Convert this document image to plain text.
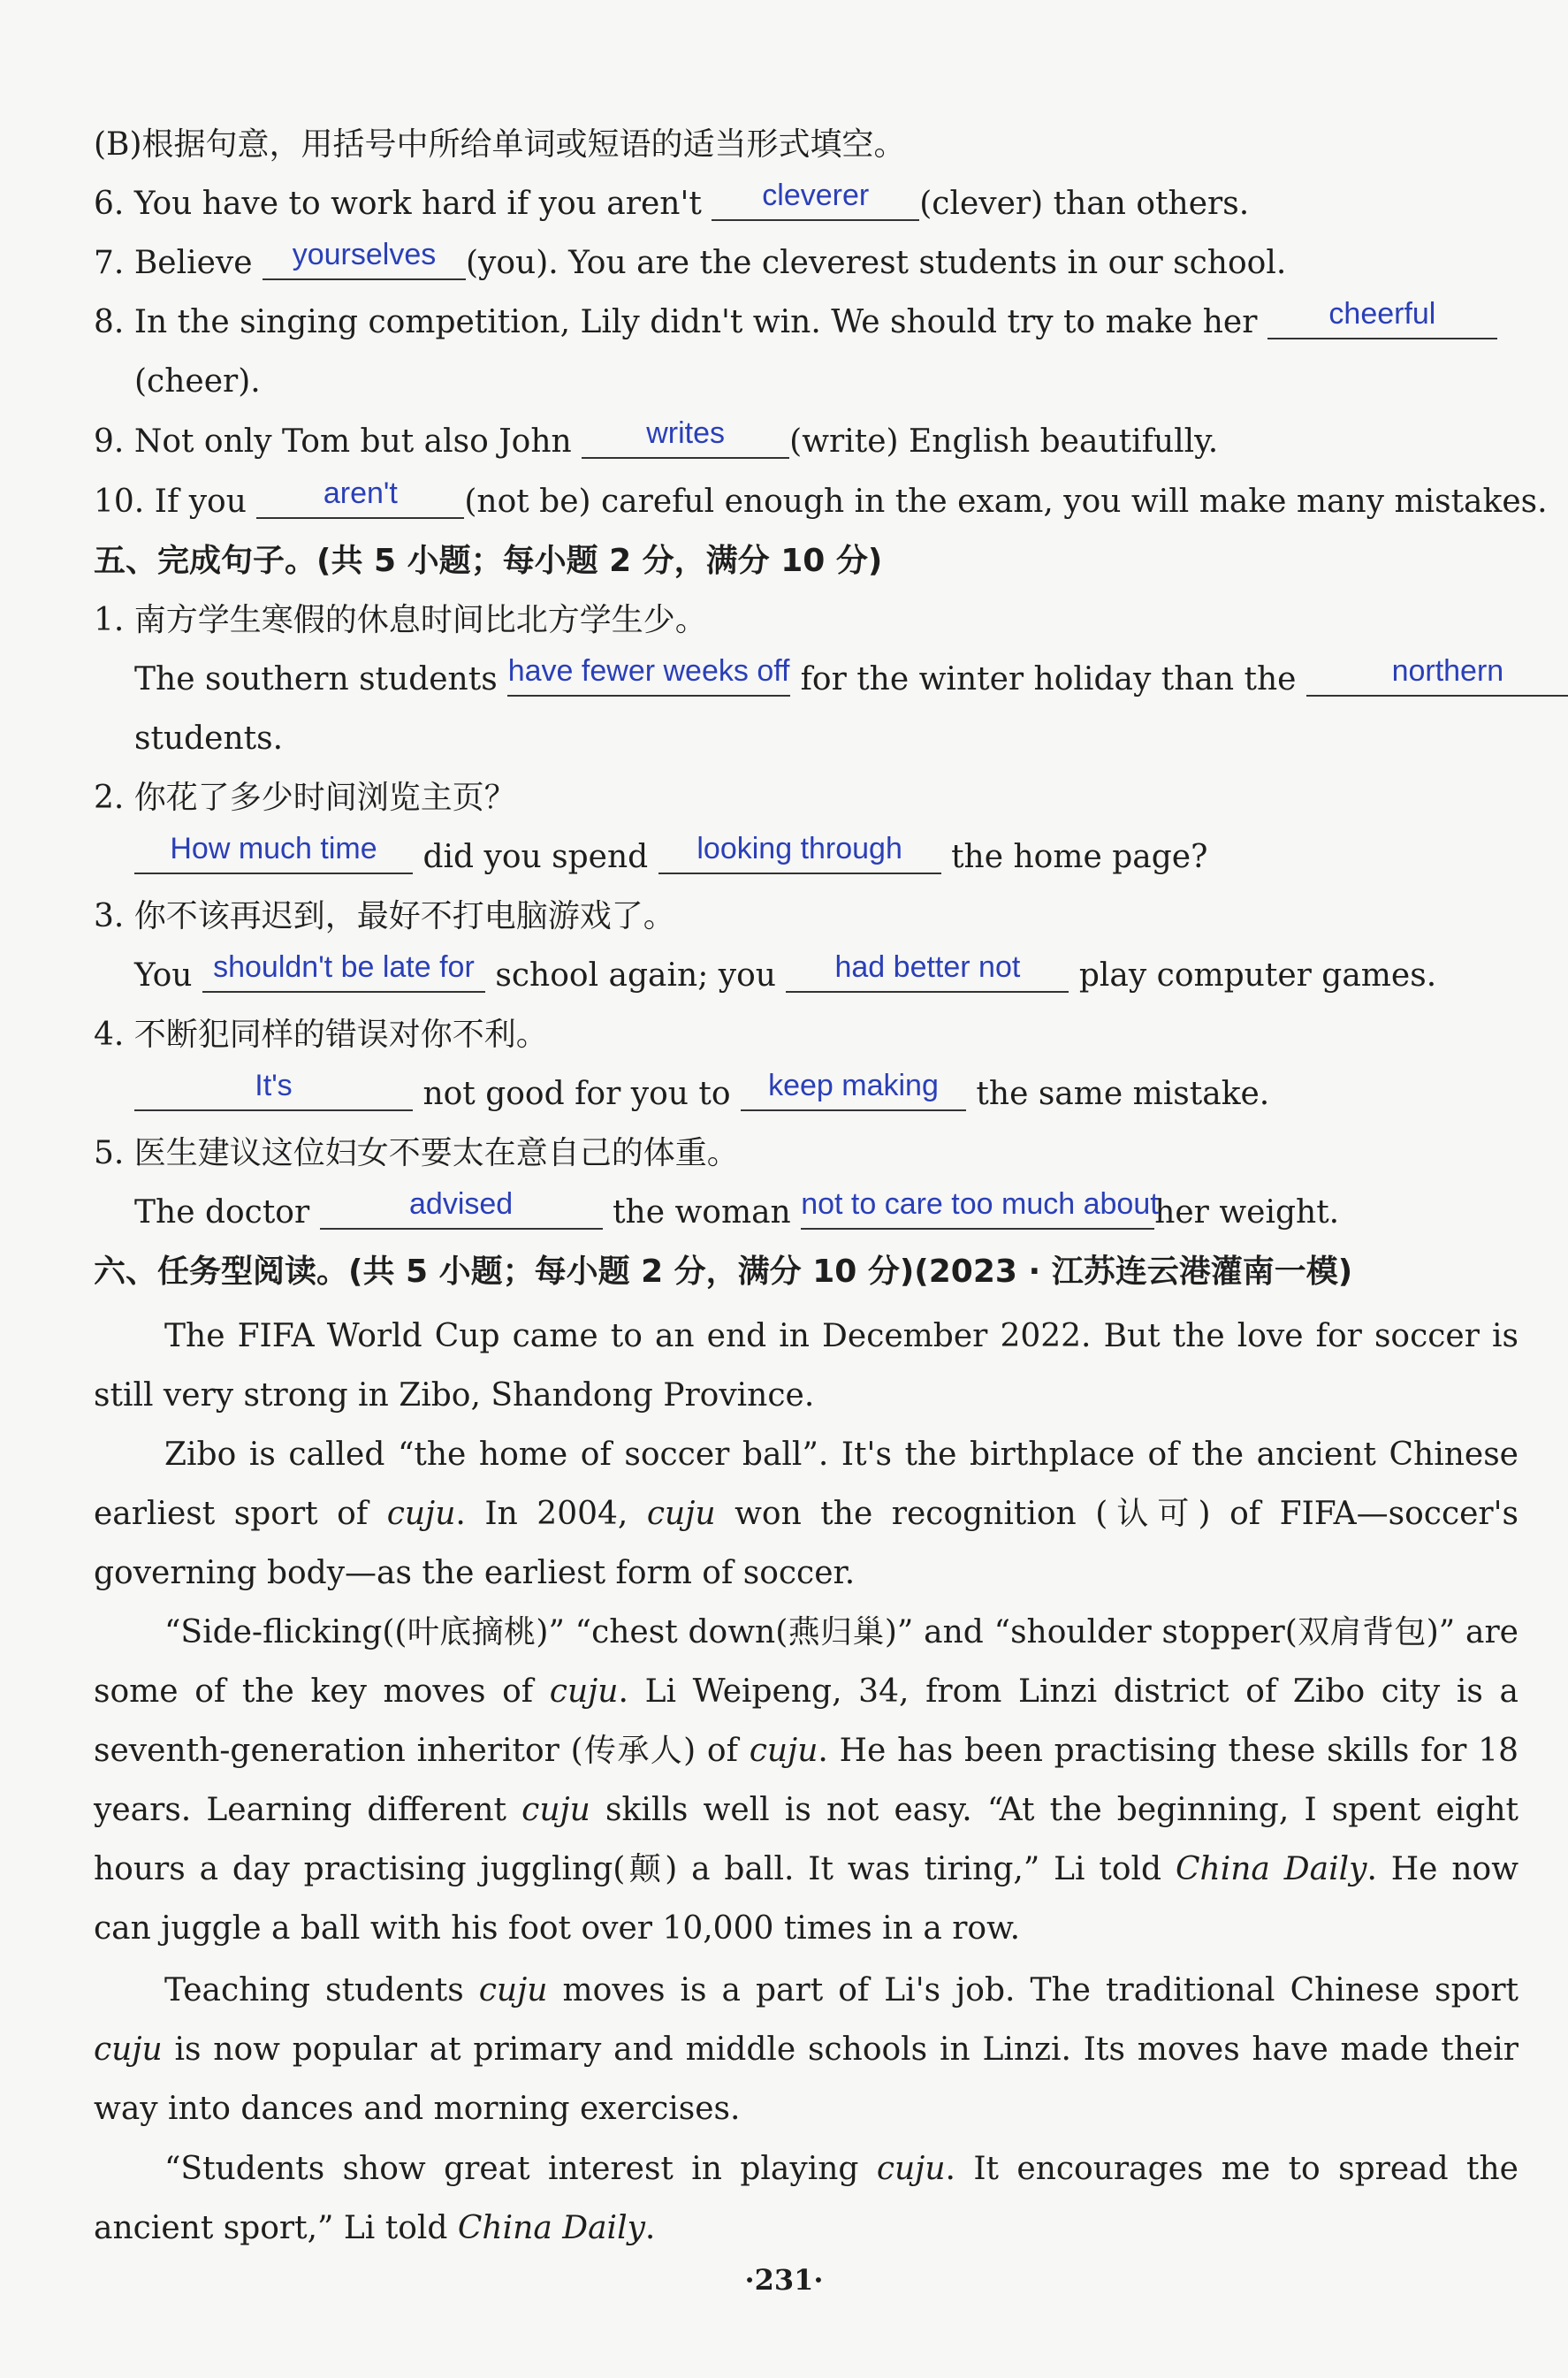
(B)根据句意，用括号中所给单词或短语的适当形式填空。
6. You have to work hard if you aren't	cleverer	(clever) than others.
7. Believe yourselves (you). You are the cleverest students in our school.
8. In the singing competition, Lily didn't win. We should try to make her	cheerful
(cheer).
9. Not only Tom but also John	writes	(write) English beautifully.
10. If you	aren't	(not be) careful enough in the exam, you will make many mistakes.
五、完成句子。(共 5 小题；每小题 2 分，满分 10 分)
1. 南方学生寒假的休息时间比北方学生少。
The southern students have fewer weeks off for the winter holiday than the	northern
students.
2. 你花了多少时间浏览主页？
How much time	did you spend	looking through	the home page?
3. 你不该再迟到，最好不打电脑游戏了。
You shouldn't be late for school again; you	had better not	play computer games.
4. 不断犯同样的错误对你不利。
It's	not good for you to keep making the same mistake.
5. 医生建议这位妇女不要太在意自己的体重。
The doctor	advised	the woman not to care too much about
her weight.
六、任务型阅读。(共 5 小题；每小题 2 分，满分 10 分)(2023 · 江苏连云港灌南一模)
The FIFA World Cup came to an end in December 2022. But the love for soccer is still very strong in Zibo, Shandong Province.
Zibo is called “the home of soccer ball”. It's the birthplace of the ancient Chinese earliest sport of cuju. In 2004, cuju won the recognition (认可) of FIFA—soccer's governing body—as the earliest form of soccer.
“Side-flicking((叶底摘桃)” “chest down(燕归巢)” and “shoulder stopper(双肩背包)” are some of the key moves of cuju. Li Weipeng, 34, from Linzi district of Zibo city is a seventh-generation inheritor (传承人) of cuju. He has been practising these skills for 18 years. Learning different cuju skills well is not easy. “At the beginning, I spent eight hours a day practising juggling(颠) a ball. It was tiring,” Li told China Daily. He now can juggle a ball with his foot over 10,000 times in a row.
Teaching students cuju moves is a part of Li's job. The traditional Chinese sport cuju is now popular at primary and middle schools in Linzi. Its moves have made their way into dances and morning exercises.
“Students show great interest in playing cuju. It encourages me to spread the ancient sport,” Li told China Daily.
·231·
